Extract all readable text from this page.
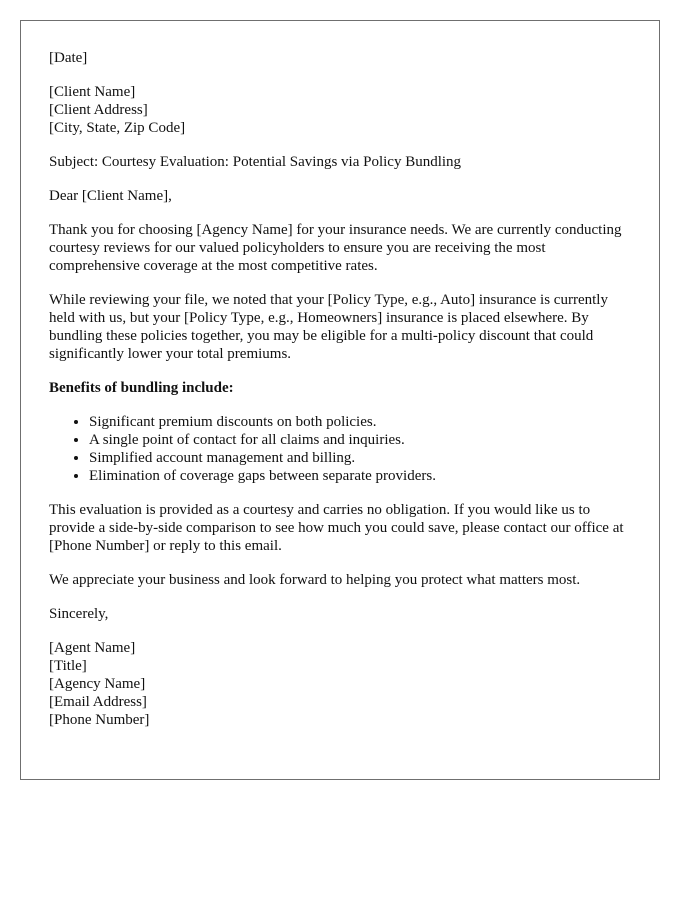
[Date]

[Client Name]
[Client Address]
[City, State, Zip Code]

Subject: Courtesy Evaluation: Potential Savings via Policy Bundling

Dear [Client Name],

Thank you for choosing [Agency Name] for your insurance needs. We are currently conducting courtesy reviews for our valued policyholders to ensure you are receiving the most comprehensive coverage at the most competitive rates.

While reviewing your file, we noted that your [Policy Type, e.g., Auto] insurance is currently held with us, but your [Policy Type, e.g., Homeowners] insurance is placed elsewhere. By bundling these policies together, you may be eligible for a multi-policy discount that could significantly lower your total premiums.

Benefits of bundling include:

• Significant premium discounts on both policies.
• A single point of contact for all claims and inquiries.
• Simplified account management and billing.
• Elimination of coverage gaps between separate providers.

This evaluation is provided as a courtesy and carries no obligation. If you would like us to provide a side-by-side comparison to see how much you could save, please contact our office at [Phone Number] or reply to this email.

We appreciate your business and look forward to helping you protect what matters most.

Sincerely,

[Agent Name]
[Title]
[Agency Name]
[Email Address]
[Phone Number]
